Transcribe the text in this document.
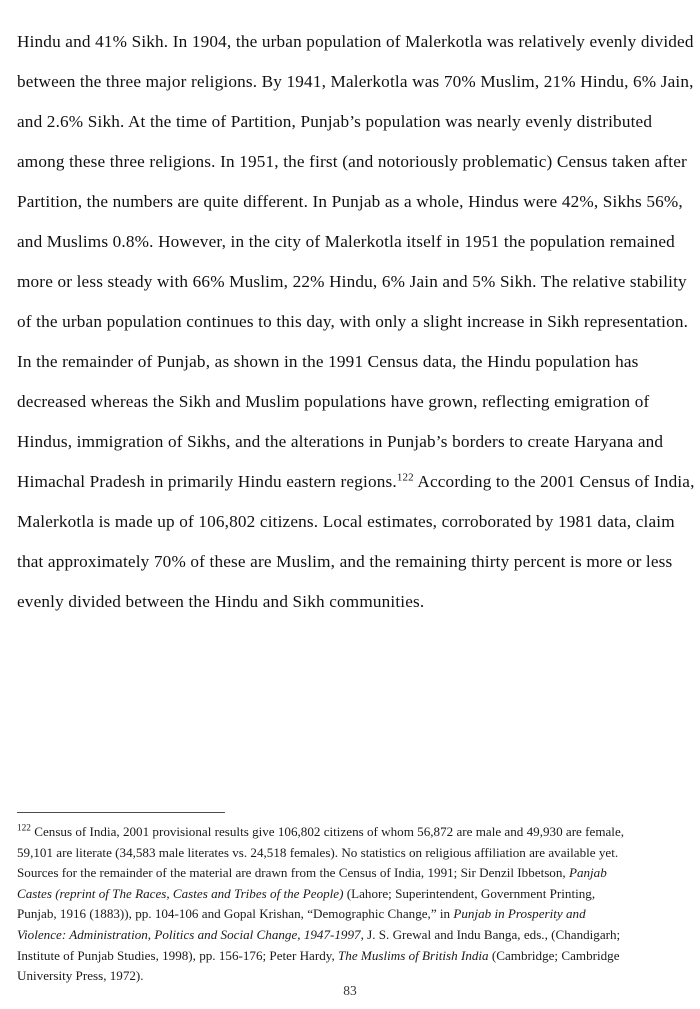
Hindu and 41% Sikh. In 1904, the urban population of Malerkotla was relatively evenly divided
between the three major religions. By 1941, Malerkotla was 70% Muslim, 21% Hindu, 6% Jain,
and 2.6% Sikh. At the time of Partition, Punjab’s population was nearly evenly distributed
among these three religions. In 1951, the first (and notoriously problematic) Census taken after
Partition, the numbers are quite different. In Punjab as a whole, Hindus were 42%, Sikhs 56%,
and Muslims 0.8%. However, in the city of Malerkotla itself in 1951 the population remained
more or less steady with 66% Muslim, 22% Hindu, 6% Jain and 5% Sikh. The relative stability
of the urban population continues to this day, with only a slight increase in Sikh representation.
In the remainder of Punjab, as shown in the 1991 Census data, the Hindu population has
decreased whereas the Sikh and Muslim populations have grown, reflecting emigration of
Hindus, immigration of Sikhs, and the alterations in Punjab’s borders to create Haryana and
Himachal Pradesh in primarily Hindu eastern regions.$^{122}$ According to the 2001 Census of India,
Malerkotla is made up of 106,802 citizens. Local estimates, corroborated by 1981 data, claim
that approximately 70% of these are Muslim, and the remaining thirty percent is more or less
evenly divided between the Hindu and Sikh communities.
$^{122}$ Census of India, 2001 provisional results give 106,802 citizens of whom 56,872 are male and 49,930 are female,
59,101 are literate (34,583 male literates vs. 24,518 females). No statistics on religious affiliation are available yet.
Sources for the remainder of the material are drawn from the Census of India, 1991; Sir Denzil Ibbetson, Panjab
Castes (reprint of The Races, Castes and Tribes of the People) (Lahore; Superintendent, Government Printing,
Punjab, 1916 (1883)), pp. 104-106 and Gopal Krishan, “Demographic Change,” in Punjab in Prosperity and
Violence: Administration, Politics and Social Change, 1947-1997, J. S. Grewal and Indu Banga, eds., (Chandigarh;
Institute of Punjab Studies, 1998), pp. 156-176; Peter Hardy, The Muslims of British India (Cambridge; Cambridge
University Press, 1972).
83
